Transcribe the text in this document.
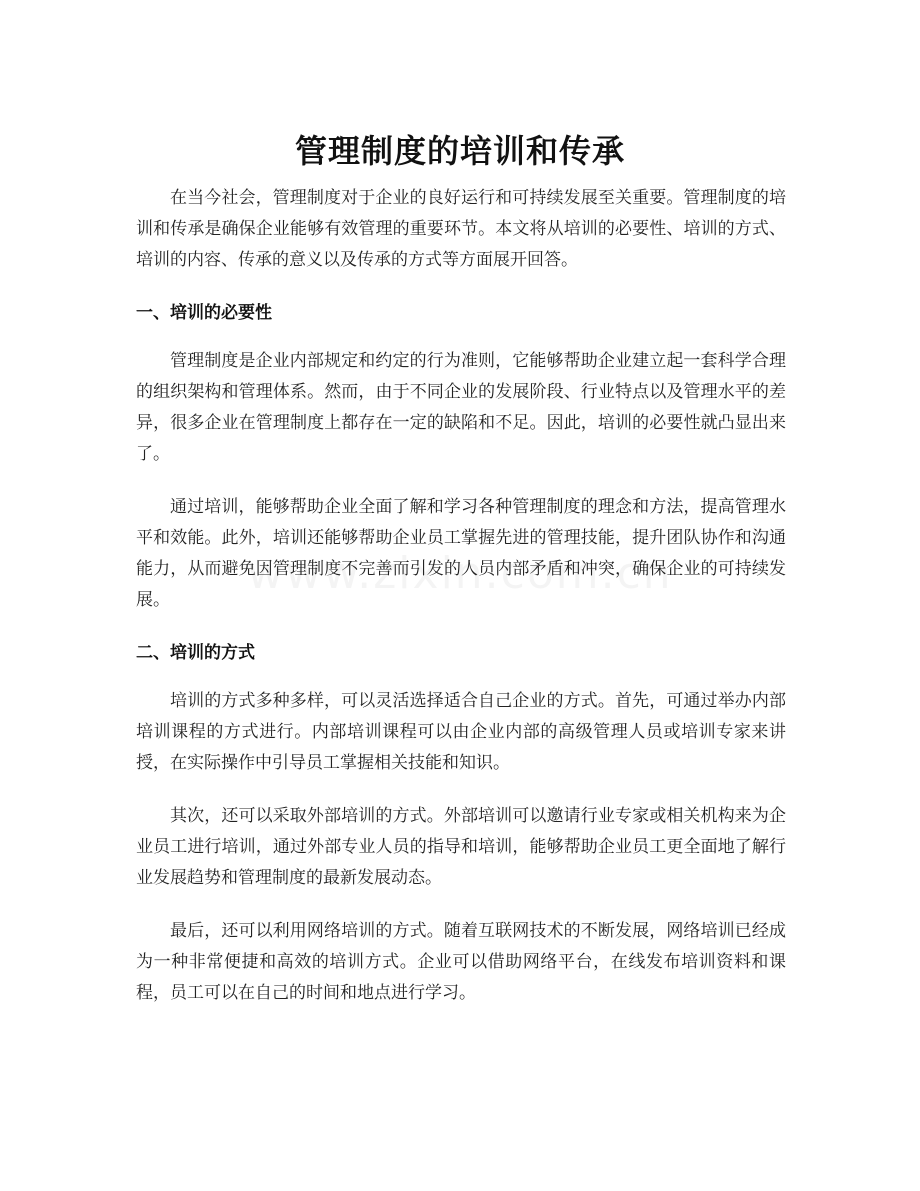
管理制度的培训和传承

在当今社会，管理制度对于企业的良好运行和可持续发展至关重要。管理制度的培训和传承是确保企业能够有效管理的重要环节。本文将从培训的必要性、培训的方式、培训的内容、传承的意义以及传承的方式等方面展开回答。

一、培训的必要性

管理制度是企业内部规定和约定的行为准则，它能够帮助企业建立起一套科学合理的组织架构和管理体系。然而，由于不同企业的发展阶段、行业特点以及管理水平的差异，很多企业在管理制度上都存在一定的缺陷和不足。因此，培训的必要性就凸显出来了。

通过培训，能够帮助企业全面了解和学习各种管理制度的理念和方法，提高管理水平和效能。此外，培训还能够帮助企业员工掌握先进的管理技能，提升团队协作和沟通能力，从而避免因管理制度不完善而引发的人员内部矛盾和冲突，确保企业的可持续发展。

二、培训的方式

培训的方式多种多样，可以灵活选择适合自己企业的方式。首先，可通过举办内部培训课程的方式进行。内部培训课程可以由企业内部的高级管理人员或培训专家来讲授，在实际操作中引导员工掌握相关技能和知识。

其次，还可以采取外部培训的方式。外部培训可以邀请行业专家或相关机构来为企业员工进行培训，通过外部专业人员的指导和培训，能够帮助企业员工更全面地了解行业发展趋势和管理制度的最新发展动态。

最后，还可以利用网络培训的方式。随着互联网技术的不断发展，网络培训已经成为一种非常便捷和高效的培训方式。企业可以借助网络平台，在线发布培训资料和课程，员工可以在自己的时间和地点进行学习。
